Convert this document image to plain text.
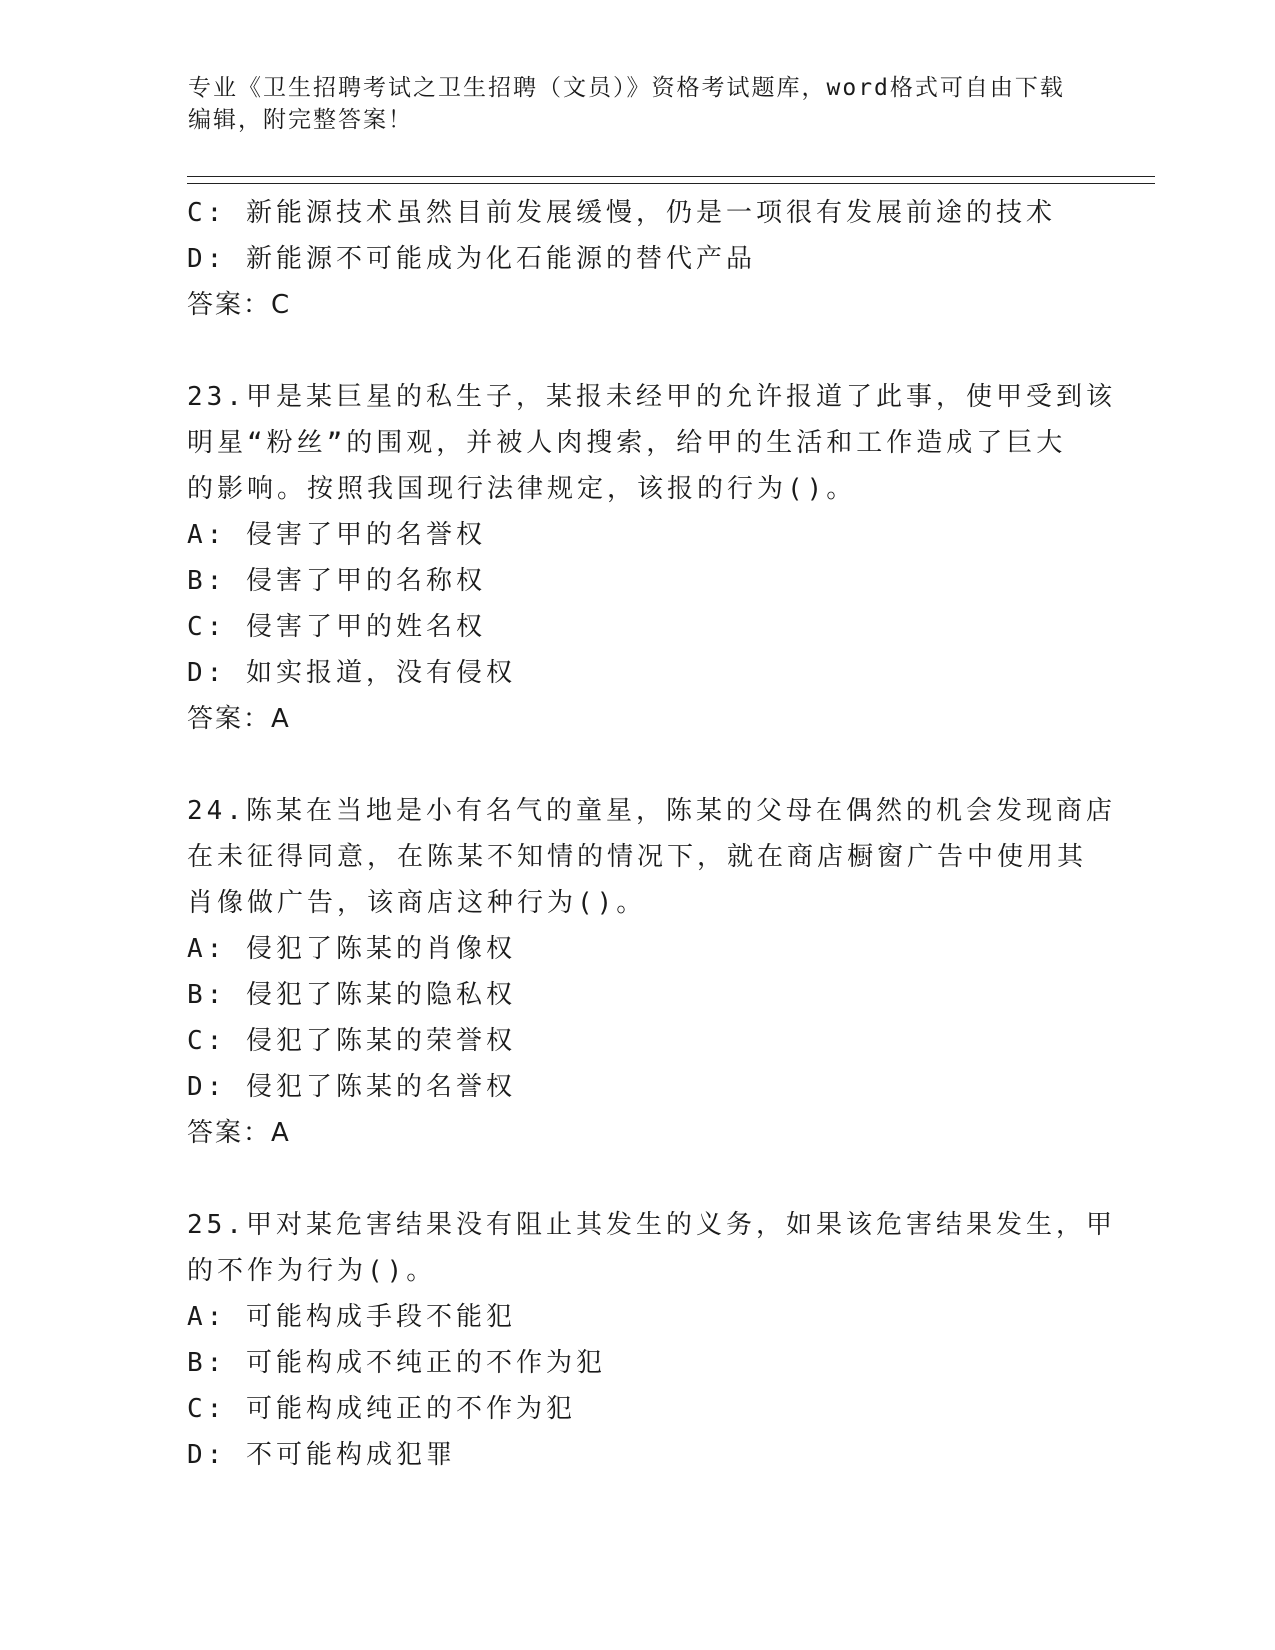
专业《卫生招聘考试之卫生招聘（文员）》资格考试题库，word格式可自由下载
编辑，附完整答案！
C: 新能源技术虽然目前发展缓慢，仍是一项很有发展前途的技术
D: 新能源不可能成为化石能源的替代产品
答案：C
23.甲是某巨星的私生子，某报未经甲的允许报道了此事，使甲受到该
明星“粉丝”的围观，并被人肉搜索，给甲的生活和工作造成了巨大
的影响。按照我国现行法律规定，该报的行为()。
A: 侵害了甲的名誉权
B: 侵害了甲的名称权
C: 侵害了甲的姓名权
D: 如实报道，没有侵权
答案：A
24.陈某在当地是小有名气的童星，陈某的父母在偶然的机会发现商店
在未征得同意，在陈某不知情的情况下，就在商店橱窗广告中使用其
肖像做广告，该商店这种行为()。
A: 侵犯了陈某的肖像权
B: 侵犯了陈某的隐私权
C: 侵犯了陈某的荣誉权
D: 侵犯了陈某的名誉权
答案：A
25.甲对某危害结果没有阻止其发生的义务，如果该危害结果发生，甲
的不作为行为()。
A: 可能构成手段不能犯
B: 可能构成不纯正的不作为犯
C: 可能构成纯正的不作为犯
D: 不可能构成犯罪
